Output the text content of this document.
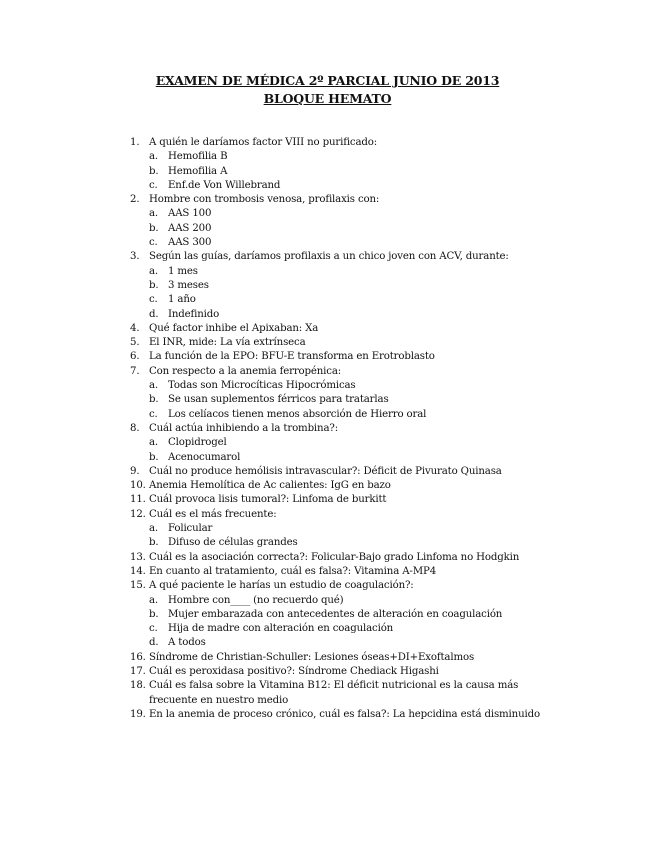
EXAMEN DE MÉDICA 2º PARCIAL JUNIO DE 2013
BLOQUE HEMATO
1. A quién le daríamos factor VIII no purificado:
a. Hemofilia B
b. Hemofilia A
c. Enf.de Von Willebrand
2. Hombre con trombosis venosa, profilaxis con:
a. AAS 100
b. AAS 200
c. AAS 300
3. Según las guías, daríamos profilaxis a un chico joven con ACV, durante:
a. 1 mes
b. 3 meses
c. 1 año
d. Indefinido
4. Qué factor inhibe el Apixaban: Xa
5. El INR, mide: La vía extrínseca
6. La función de la EPO: BFU-E transforma en Erotroblasto
7. Con respecto a la anemia ferropénica:
a. Todas son Microcíticas Hipocrómicas
b. Se usan suplementos férricos para tratarlas
c. Los celíacos tienen menos absorción de Hierro oral
8. Cuál actúa inhibiendo a la trombina?:
a. Clopidrogel
b. Acenocumarol
9. Cuál no produce hemólisis intravascular?: Déficit de Pivurato Quinasa
10. Anemia Hemolítica de Ac calientes: IgG en bazo
11. Cuál provoca lisis tumoral?: Linfoma de burkitt
12. Cuál es el más frecuente:
a. Folicular
b. Difuso de células grandes
13. Cuál es la asociación correcta?: Folicular-Bajo grado Linfoma no Hodgkin
14. En cuanto al tratamiento, cuál es falsa?: Vitamina A-MP4
15. A qué paciente le harías un estudio de coagulación?:
a. Hombre con____ (no recuerdo qué)
b. Mujer embarazada con antecedentes de alteración en coagulación
c. Hija de madre con alteración en coagulación
d. A todos
16. Síndrome de Christian-Schuller: Lesiones óseas+DI+Exoftalmos
17. Cuál es peroxidasa positivo?: Síndrome Chediack Higashi
18. Cuál es falsa sobre la Vitamina B12: El déficit nutricional es la causa más frecuente en nuestro medio
19. En la anemia de proceso crónico, cuál es falsa?: La hepcidina está disminuido
